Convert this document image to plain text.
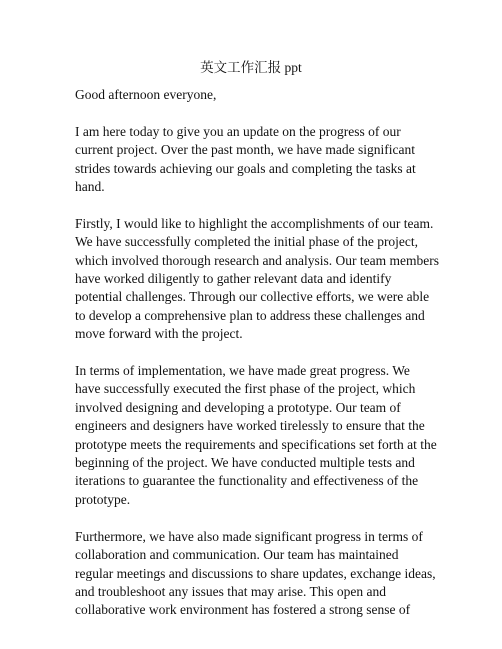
英文工作汇报 ppt

Good afternoon everyone,

I am here today to give you an update on the progress of our
current project. Over the past month, we have made significant
strides towards achieving our goals and completing the tasks at
hand.

Firstly, I would like to highlight the accomplishments of our team.
We have successfully completed the initial phase of the project,
which involved thorough research and analysis. Our team members
have worked diligently to gather relevant data and identify
potential challenges. Through our collective efforts, we were able
to develop a comprehensive plan to address these challenges and
move forward with the project.

In terms of implementation, we have made great progress. We
have successfully executed the first phase of the project, which
involved designing and developing a prototype. Our team of
engineers and designers have worked tirelessly to ensure that the
prototype meets the requirements and specifications set forth at the
beginning of the project. We have conducted multiple tests and
iterations to guarantee the functionality and effectiveness of the
prototype.

Furthermore, we have also made significant progress in terms of
collaboration and communication. Our team has maintained
regular meetings and discussions to share updates, exchange ideas,
and troubleshoot any issues that may arise. This open and
collaborative work environment has fostered a strong sense of
